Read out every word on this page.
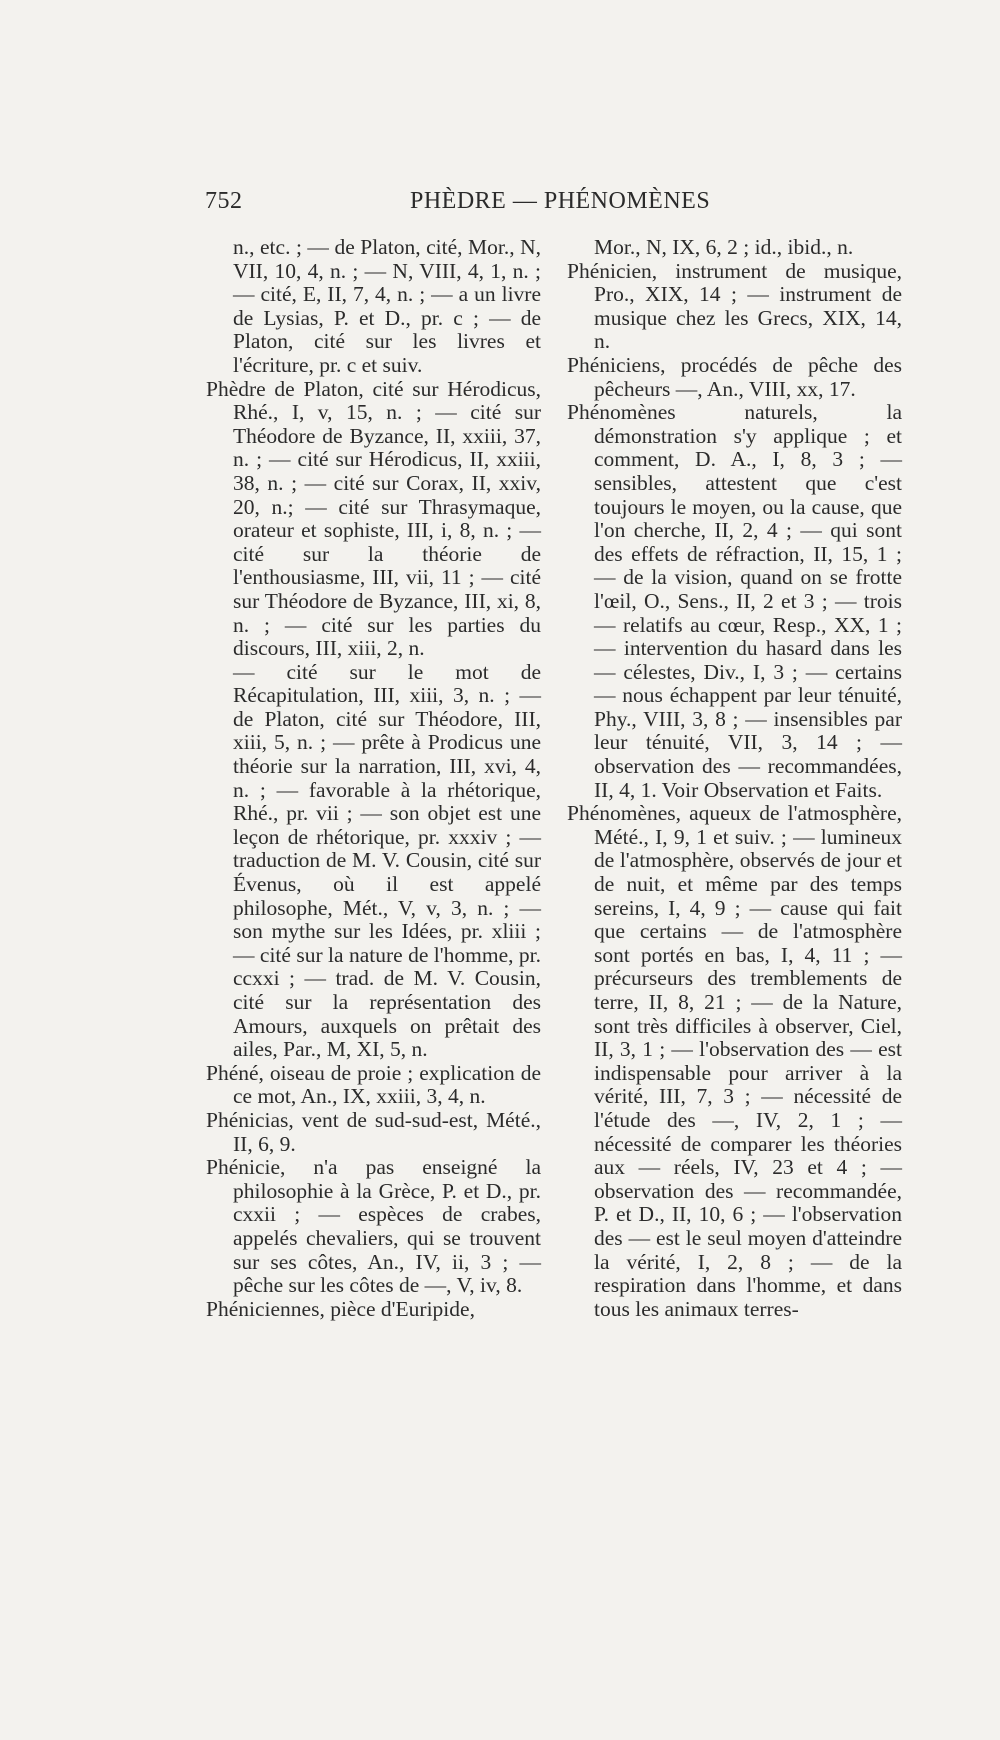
752	PHÈDRE — PHÉNOMÈNES

n., etc. ; — de Platon, cité, Mor., N, VII, 10, 4, n. ; — N, VIII, 4, 1, n. ; — cité, E, II, 7, 4, n. ; — a un livre de Lysias, P. et D., pr. c ; — de Platon, cité sur les livres et l'écriture, pr. c et suiv.

Phèdre de Platon, cité sur Hérodicus, Rhé., I, v, 15, n. ; — cité sur Théodore de Byzance, II, xxiii, 37, n. ; — cité sur Hérodicus, II, xxiii, 38, n. ; — cité sur Corax, II, xxiv, 20, n.; — cité sur Thrasymaque, orateur et sophiste, III, i, 8, n. ; — cité sur la théorie de l'enthousiasme, III, vii, 11 ; — cité sur Théodore de Byzance, III, xi, 8, n. ; — cité sur les parties du discours, III, xiii, 2, n.

— cité sur le mot de Récapitulation, III, xiii, 3, n. ; — de Platon, cité sur Théodore, III, xiii, 5, n. ; — prête à Prodicus une théorie sur la narration, III, xvi, 4, n. ; — favorable à la rhétorique, Rhé., pr. vii ; — son objet est une leçon de rhétorique, pr. xxxiv ; — traduction de M. V. Cousin, cité sur Évenus, où il est appelé philosophe, Mét., V, v, 3, n. ; — son mythe sur les Idées, pr. xliii ; — cité sur la nature de l'homme, pr. ccxxi ; — trad. de M. V. Cousin, cité sur la représentation des Amours, auxquels on prêtait des ailes, Par., M, XI, 5, n.

Phéné, oiseau de proie ; explication de ce mot, An., IX, xxiii, 3, 4, n.

Phénicias, vent de sud-sud-est, Mété., II, 6, 9.

Phénicie, n'a pas enseigné la philosophie à la Grèce, P. et D., pr. cxxii ; — espèces de crabes, appelés chevaliers, qui se trouvent sur ses côtes, An., IV, ii, 3 ; — pêche sur les côtes de —, V, iv, 8.

Phéniciennes, pièce d'Euripide,

Mor., N, IX, 6, 2 ; id., ibid., n.

Phénicien, instrument de musique, Pro., XIX, 14 ; — instrument de musique chez les Grecs, XIX, 14, n.

Phéniciens, procédés de pêche des pêcheurs —, An., VIII, xx, 17.

Phénomènes naturels, la démonstration s'y applique ; et comment, D. A., I, 8, 3 ; — sensibles, attestent que c'est toujours le moyen, ou la cause, que l'on cherche, II, 2, 4 ; — qui sont des effets de réfraction, II, 15, 1 ; — de la vision, quand on se frotte l'œil, O., Sens., II, 2 et 3 ; — trois — relatifs au cœur, Resp., XX, 1 ; — intervention du hasard dans les — célestes, Div., I, 3 ; — certains — nous échappent par leur ténuité, Phy., VIII, 3, 8 ; — insensibles par leur ténuité, VII, 3, 14 ; — observation des — recommandées, II, 4, 1. Voir Observation et Faits.

Phénomènes, aqueux de l'atmosphère, Mété., I, 9, 1 et suiv. ; — lumineux de l'atmosphère, observés de jour et de nuit, et même par des temps sereins, I, 4, 9 ; — cause qui fait que certains — de l'atmosphère sont portés en bas, I, 4, 11 ; — précurseurs des tremblements de terre, II, 8, 21 ; — de la Nature, sont très difficiles à observer, Ciel, II, 3, 1 ; — l'observation des — est indispensable pour arriver à la vérité, III, 7, 3 ; — nécessité de l'étude des —, IV, 2, 1 ; — nécessité de comparer les théories aux — réels, IV, 23 et 4 ; — observation des — recommandée, P. et D., II, 10, 6 ; — l'observation des — est le seul moyen d'atteindre la vérité, I, 2, 8 ; — de la respiration dans l'homme, et dans tous les animaux terres-
